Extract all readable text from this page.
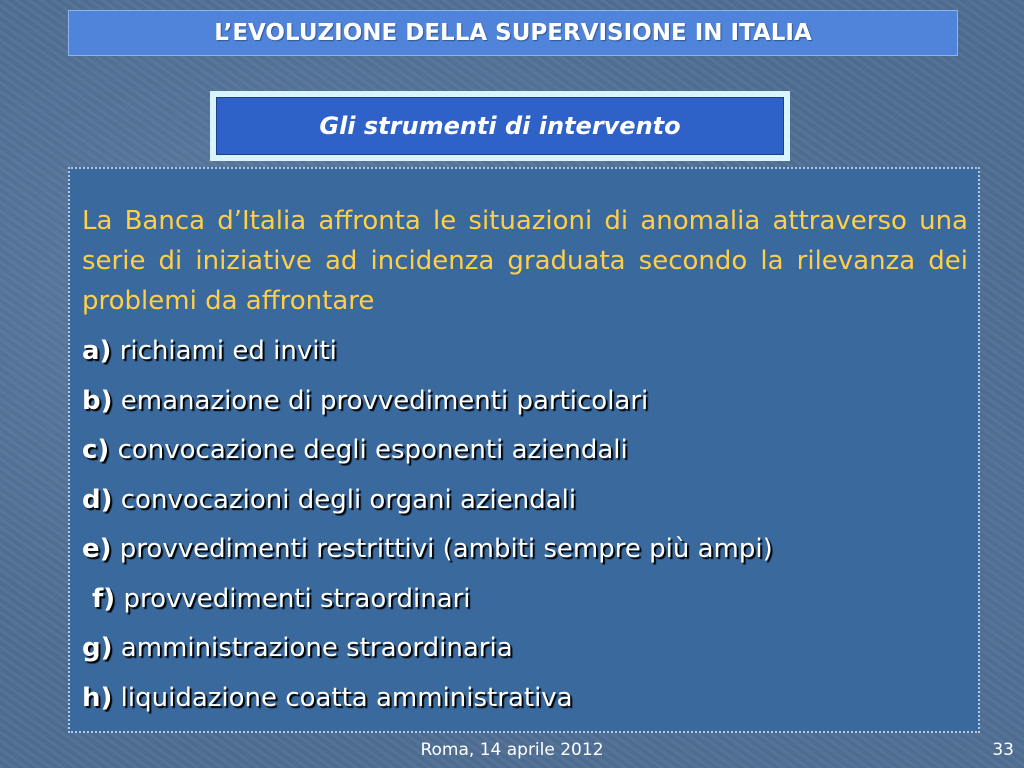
L’EVOLUZIONE DELLA SUPERVISIONE IN ITALIA
Gli strumenti di intervento
La Banca d’Italia affronta le situazioni di anomalia attraverso una serie di iniziative ad incidenza graduata secondo la rilevanza dei problemi da affrontare
a) richiami ed inviti
b) emanazione di provvedimenti particolari
c) convocazione degli esponenti aziendali
d) convocazioni degli organi aziendali
e) provvedimenti restrittivi (ambiti sempre più ampi)
f) provvedimenti straordinari
g) amministrazione straordinaria
h) liquidazione coatta amministrativa
Roma, 14 aprile 2012	33
